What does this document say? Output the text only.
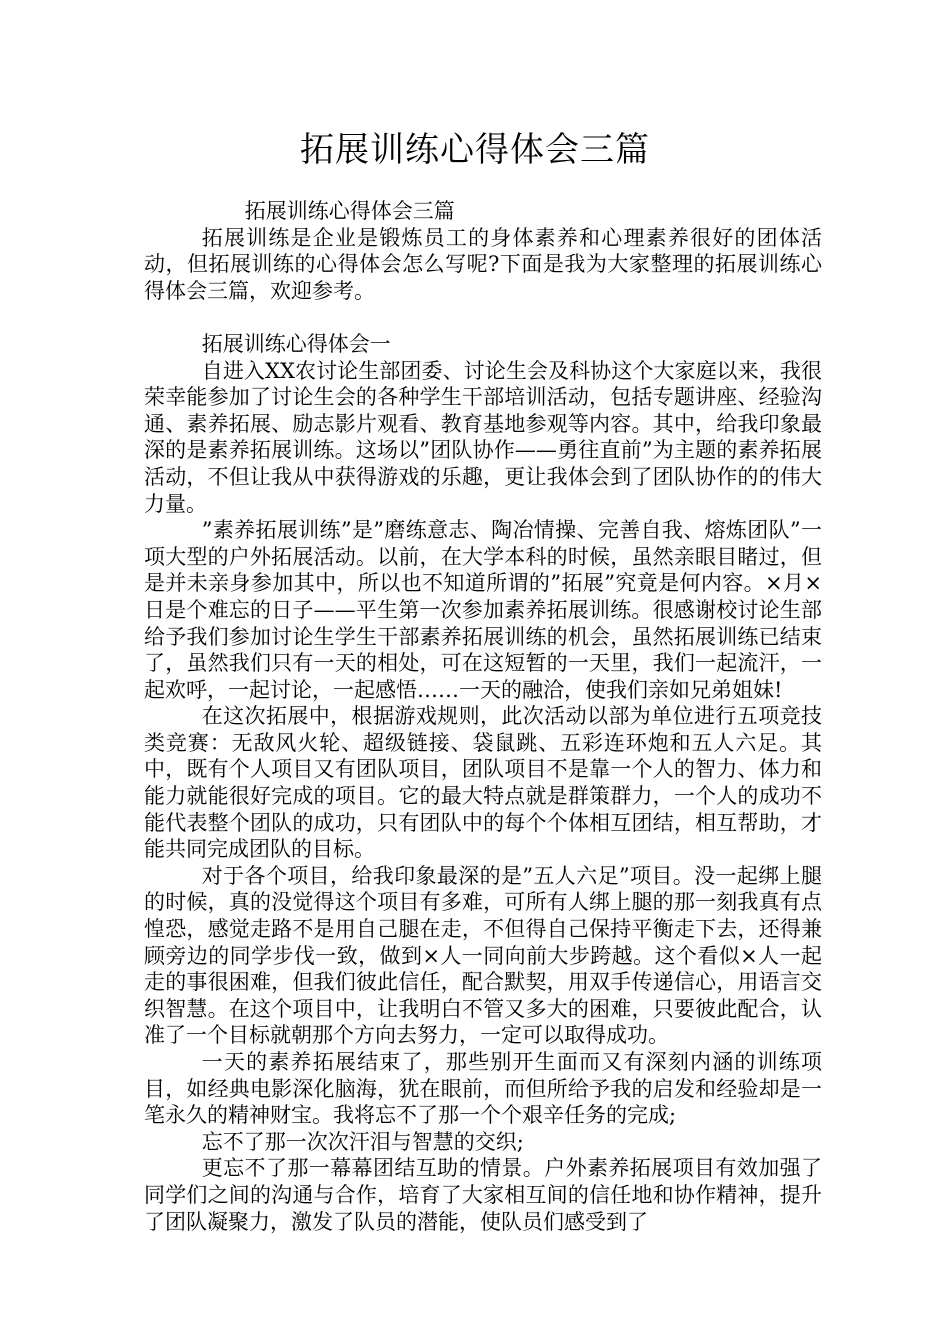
拓展训练心得体会三篇

拓展训练心得体会三篇

拓展训练是企业是锻炼员工的身体素养和心理素养很好的团体活动，但拓展训练的心得体会怎么写呢?下面是我为大家整理的拓展训练心得体会三篇，欢迎参考。

拓展训练心得体会一

自进入XX农讨论生部团委、讨论生会及科协这个大家庭以来，我很荣幸能参加了讨论生会的各种学生干部培训活动，包括专题讲座、经验沟通、素养拓展、励志影片观看、教育基地参观等内容。其中，给我印象最深的是素养拓展训练。这场以”团队协作——勇往直前”为主题的素养拓展活动，不但让我从中获得游戏的乐趣，更让我体会到了团队协作的的伟大力量。

”素养拓展训练”是”磨练意志、陶冶情操、完善自我、熔炼团队”一项大型的户外拓展活动。以前，在大学本科的时候，虽然亲眼目睹过，但是并未亲身参加其中，所以也不知道所谓的”拓展”究竟是何内容。×月×日是个难忘的日子——平生第一次参加素养拓展训练。很感谢校讨论生部给予我们参加讨论生学生干部素养拓展训练的机会，虽然拓展训练已结束了，虽然我们只有一天的相处，可在这短暂的一天里，我们一起流汗，一起欢呼，一起讨论，一起感悟……一天的融洽，使我们亲如兄弟姐妹!

在这次拓展中，根据游戏规则，此次活动以部为单位进行五项竞技类竞赛：无敌风火轮、超级链接、袋鼠跳、五彩连环炮和五人六足。其中，既有个人项目又有团队项目，团队项目不是靠一个人的智力、体力和能力就能很好完成的项目。它的最大特点就是群策群力，一个人的成功不能代表整个团队的成功，只有团队中的每个个体相互团结，相互帮助，才能共同完成团队的目标。

对于各个项目，给我印象最深的是”五人六足”项目。没一起绑上腿的时候，真的没觉得这个项目有多难，可所有人绑上腿的那一刻我真有点惶恐，感觉走路不是用自己腿在走，不但得自己保持平衡走下去，还得兼顾旁边的同学步伐一致，做到×人一同向前大步跨越。这个看似×人一起走的事很困难，但我们彼此信任，配合默契，用双手传递信心，用语言交织智慧。在这个项目中，让我明白不管又多大的困难，只要彼此配合，认准了一个目标就朝那个方向去努力，一定可以取得成功。

一天的素养拓展结束了，那些别开生面而又有深刻内涵的训练项目，如经典电影深化脑海，犹在眼前，而但所给予我的启发和经验却是一笔永久的精神财宝。我将忘不了那一个个艰辛任务的完成;

忘不了那一次次汗泪与智慧的交织;

更忘不了那一幕幕团结互助的情景。户外素养拓展项目有效加强了同学们之间的沟通与合作，培育了大家相互间的信任地和协作精神，提升了团队凝聚力，激发了队员的潜能，使队员们感受到了
